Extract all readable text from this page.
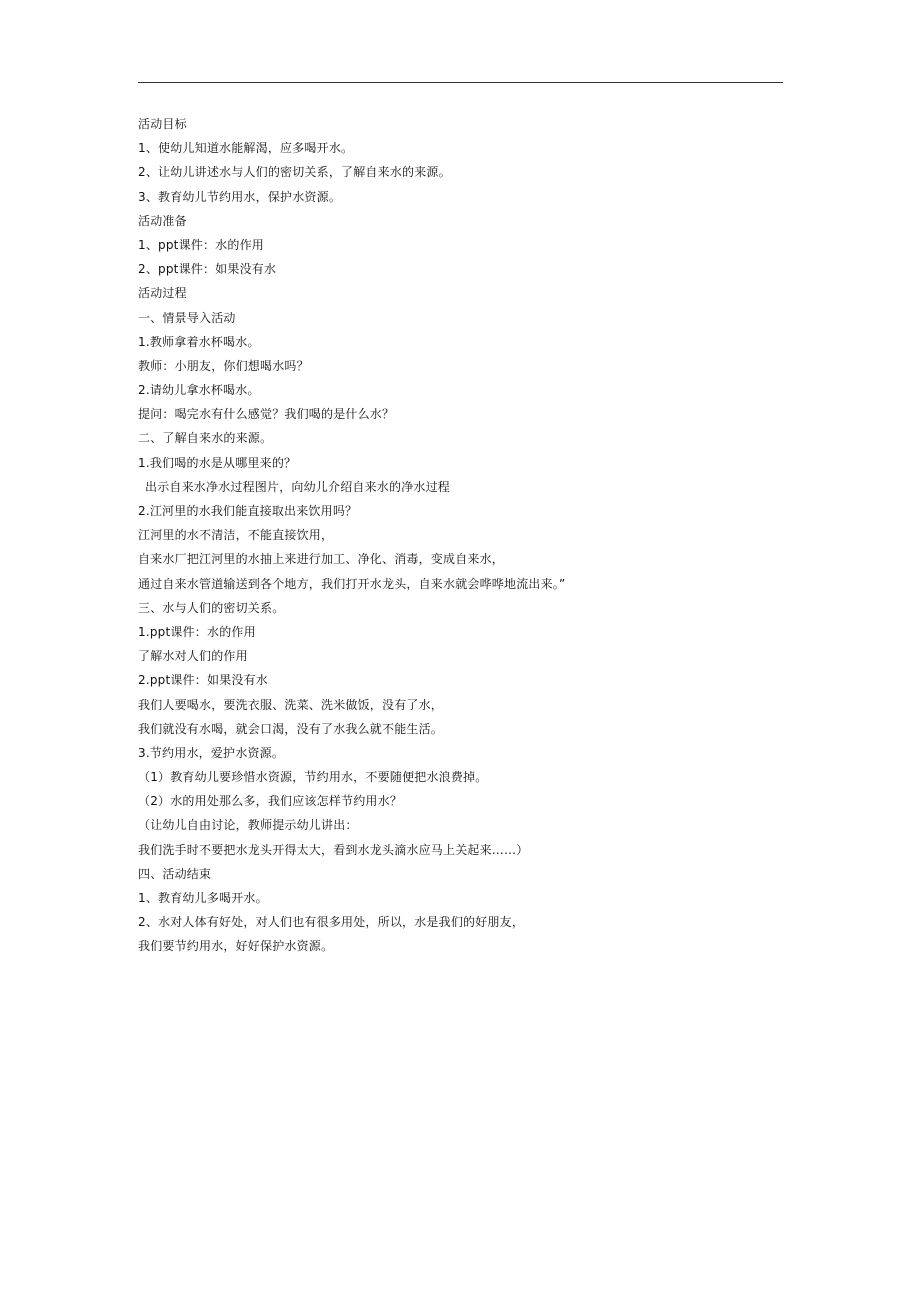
活动目标
1、使幼儿知道水能解渴，应多喝开水。
2、让幼儿讲述水与人们的密切关系，了解自来水的来源。
3、教育幼儿节约用水，保护水资源。
活动准备
1、ppt课件：水的作用
2、ppt课件：如果没有水
活动过程
一、情景导入活动
1.教师拿着水杯喝水。
教师：小朋友，你们想喝水吗？
2.请幼儿拿水杯喝水。
提问：喝完水有什么感觉？我们喝的是什么水？
二、了解自来水的来源。
1.我们喝的水是从哪里来的？
出示自来水净水过程图片，向幼儿介绍自来水的净水过程
2.江河里的水我们能直接取出来饮用吗？
江河里的水不清洁，不能直接饮用，
自来水厂把江河里的水抽上来进行加工、净化、消毒，变成自来水，
通过自来水管道输送到各个地方，我们打开水龙头，自来水就会哗哗地流出来。”
三、水与人们的密切关系。
1.ppt课件：水的作用
了解水对人们的作用
2.ppt课件：如果没有水
我们人要喝水，要洗衣服、洗菜、洗米做饭，没有了水，
我们就没有水喝，就会口渴，没有了水我么就不能生活。
3.节约用水，爱护水资源。
（1）教育幼儿要珍惜水资源，节约用水，不要随便把水浪费掉。
（2）水的用处那么多，我们应该怎样节约用水？
（让幼儿自由讨论，教师提示幼儿讲出：
我们洗手时不要把水龙头开得太大，看到水龙头滴水应马上关起来……）
四、活动结束
1、教育幼儿多喝开水。
2、水对人体有好处，对人们也有很多用处，所以，水是我们的好朋友，
我们要节约用水，好好保护水资源。
